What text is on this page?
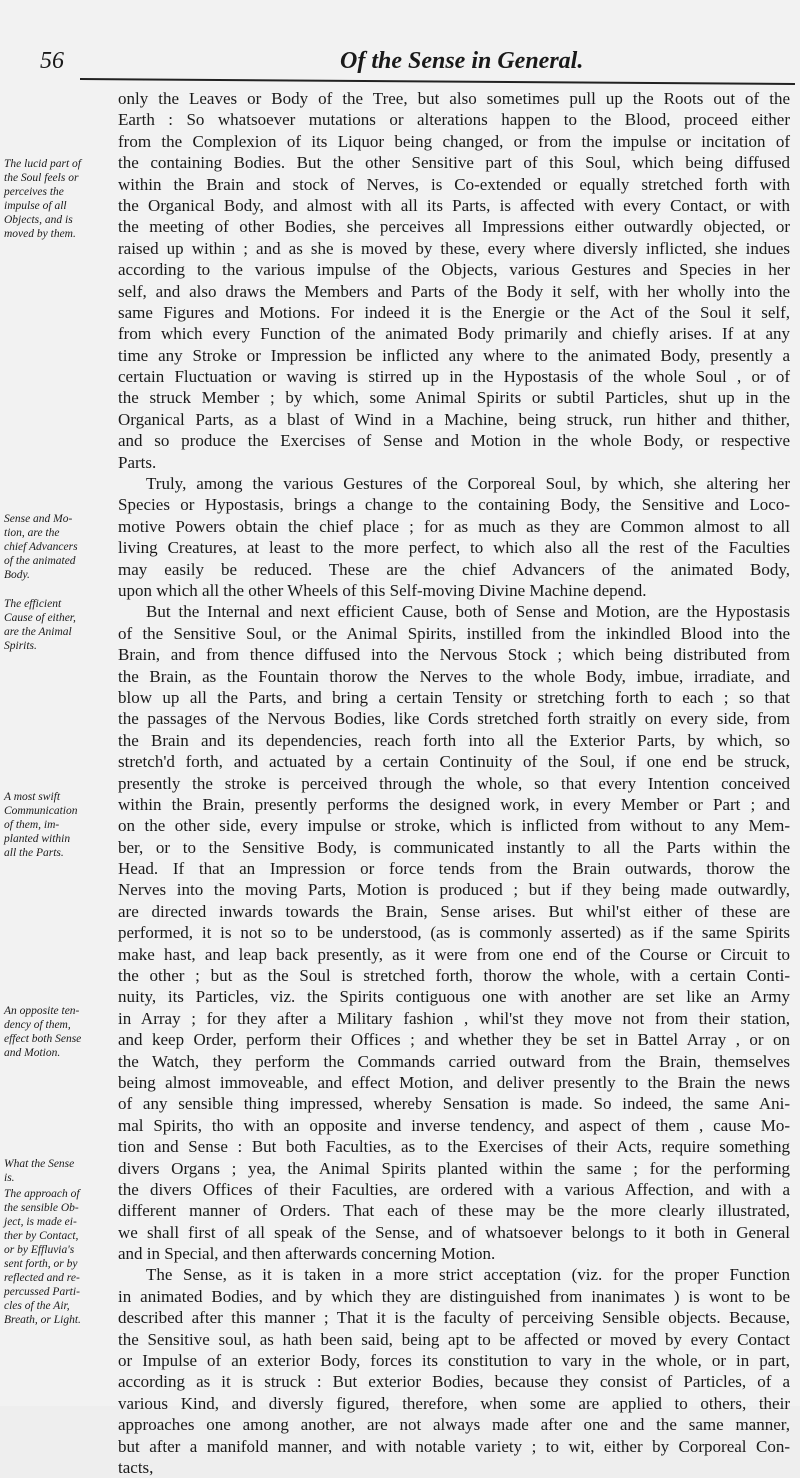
56	Of the Sense in General.
only the Leaves or Body of the Tree, but also sometimes pull up the Roots out of the
Earth : So whatsoever mutations or alterations happen to the Blood, proceed either
from the Complexion of its Liquor being changed, or from the impulse or incitation of
the containing Bodies. But the other Sensitive part of this Soul, which being diffused
within the Brain and stock of Nerves, is Co-extended or equally stretched forth with
the Organical Body, and almost with all its Parts, is affected with every Contact, or with
the meeting of other Bodies, she perceives all Impressions either outwardly objected, or
raised up within ; and as she is moved by these, every where diversly inflicted, she indues
according to the various impulse of the Objects, various Gestures and Species in her
self, and also draws the Members and Parts of the Body it self, with her wholly into the
same Figures and Motions. For indeed it is the Energie or the Act of the Soul it self,
from which every Function of the animated Body primarily and chiefly arises. If at any
time any Stroke or Impression be inflicted any where to the animated Body, presently a
certain Fluctuation or waving is stirred up in the Hypostasis of the whole Soul , or of
the struck Member ; by which, some Animal Spirits or subtil Particles, shut up in the
Organical Parts, as a blast of Wind in a Machine, being struck, run hither and thither,
and so produce the Exercises of Sense and Motion in the whole Body, or respective
Parts.
Truly, among the various Gestures of the Corporeal Soul, by which, she altering her
Species or Hypostasis, brings a change to the containing Body, the Sensitive and Loco-
motive Powers obtain the chief place ; for as much as they are Common almost to all
living Creatures, at least to the more perfect, to which also all the rest of the Faculties
may easily be reduced. These are the chief Advancers of the animated Body,
upon which all the other Wheels of this Self-moving Divine Machine depend.
But the Internal and next efficient Cause, both of Sense and Motion, are the Hypostasis
of the Sensitive Soul, or the Animal Spirits, instilled from the inkindled Blood into the
Brain, and from thence diffused into the Nervous Stock ; which being distributed from
the Brain, as the Fountain thorow the Nerves to the whole Body, imbue, irradiate, and
blow up all the Parts, and bring a certain Tensity or stretching forth to each ; so that
the passages of the Nervous Bodies, like Cords stretched forth straitly on every side, from
the Brain and its dependencies, reach forth into all the Exterior Parts, by which, so
stretch'd forth, and actuated by a certain Continuity of the Soul, if one end be struck,
presently the stroke is perceived through the whole, so that every Intention conceived
within the Brain, presently performs the designed work, in every Member or Part ; and
on the other side, every impulse or stroke, which is inflicted from without to any Mem-
ber, or to the Sensitive Body, is communicated instantly to all the Parts within the
Head. If that an Impression or force tends from the Brain outwards, thorow the
Nerves into the moving Parts, Motion is produced ; but if they being made outwardly,
are directed inwards towards the Brain, Sense arises. But whil'st either of these are
performed, it is not so to be understood, (as is commonly asserted) as if the same Spirits
make hast, and leap back presently, as it were from one end of the Course or Circuit to
the other ; but as the Soul is stretched forth, thorow the whole, with a certain Conti-
nuity, its Particles, viz. the Spirits contiguous one with another are set like an Army
in Array ; for they after a Military fashion , whil'st they move not from their station,
and keep Order, perform their Offices ; and whether they be set in Battel Array , or on
the Watch, they perform the Commands carried outward from the Brain, themselves
being almost immoveable, and effect Motion, and deliver presently to the Brain the news
of any sensible thing impressed, whereby Sensation is made. So indeed, the same Ani-
mal Spirits, tho with an opposite and inverse tendency, and aspect of them , cause Mo-
tion and Sense : But both Faculties, as to the Exercises of their Acts, require something
divers Organs ; yea, the Animal Spirits planted within the same ; for the performing
the divers Offices of their Faculties, are ordered with a various Affection, and with a
different manner of Orders. That each of these may be the more clearly illustrated,
we shall first of all speak of the Sense, and of whatsoever belongs to it both in General
and in Special, and then afterwards concerning Motion.
The Sense, as it is taken in a more strict acceptation (viz. for the proper Function
in animated Bodies, and by which they are distinguished from inanimates ) is wont to be
described after this manner ; That it is the faculty of perceiving Sensible objects. Because,
the Sensitive soul, as hath been said, being apt to be affected or moved by every Contact
or Impulse of an exterior Body, forces its constitution to vary in the whole, or in part,
according as it is struck : But exterior Bodies, because they consist of Particles, of a
various Kind, and diversly figured, therefore, when some are applied to others, their
approaches one among another, are not always made after one and the same manner,
but after a manifold manner, and with notable variety ; to wit, either by Corporeal Con-
tacts,
The lucid part of
the Soul feels or
perceives the
impulse of all
Objects, and is
moved by them.
Sense and Mo-
tion, are the
chief Advancers
of the animated
Body.
The efficient
Cause of either,
are the Animal
Spirits.
A most swift
Communication
of them, im-
planted within
all the Parts.
An opposite ten-
dency of them,
effect both Sense
and Motion.
What the Sense
is.
The approach of
the sensible Ob-
ject, is made ei-
ther by Contact,
or by Effluvia's
sent forth, or by
reflected and re-
percussed Parti-
cles of the Air,
Breath, or Light.
